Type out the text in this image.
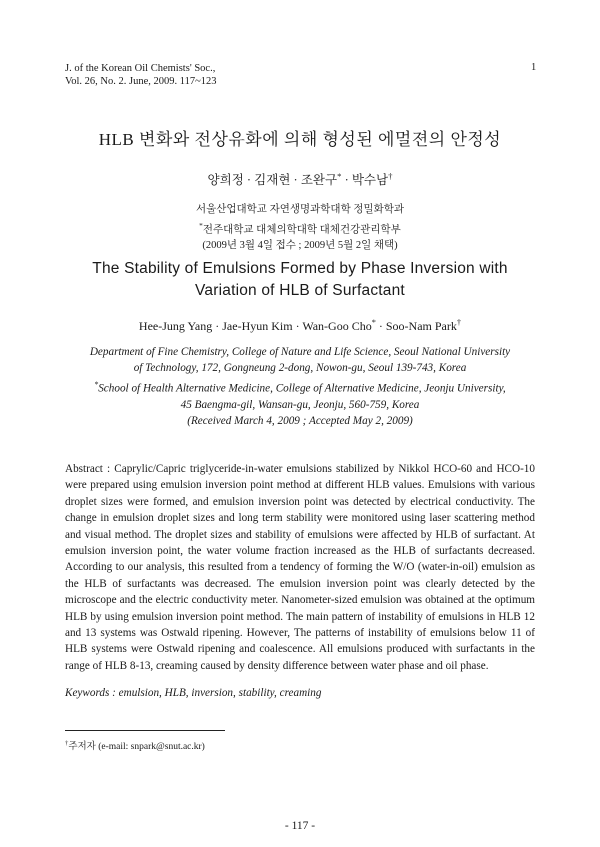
J. of the Korean Oil Chemists' Soc.,
Vol. 26, No. 2. June, 2009. 117~123
1
HLB 변화와 전상유화에 의해 형성된 에멀젼의 안정성
양희정 · 김재현 · 조완구* · 박수남†
서울산업대학교 자연생명과학대학 정밀화학과
*전주대학교 대체의학대학 대체건강관리학부
(2009년 3월 4일 접수 ; 2009년 5월 2일 채택)
The Stability of Emulsions Formed by Phase Inversion with
Variation of HLB of Surfactant
Hee-Jung Yang · Jae-Hyun Kim · Wan-Goo Cho* · Soo-Nam Park†
Department of Fine Chemistry, College of Nature and Life Science, Seoul National University
of Technology, 172, Gongneung 2-dong, Nowon-gu, Seoul 139-743, Korea
*School of Health Alternative Medicine, College of Alternative Medicine, Jeonju University,
45 Baengma-gil, Wansan-gu, Jeonju, 560-759, Korea
(Received March 4, 2009 ; Accepted May 2, 2009)
Abstract : Caprylic/Capric triglyceride-in-water emulsions stabilized by Nikkol HCO-60 and HCO-10 were prepared using emulsion inversion point method at different HLB values. Emulsions with various droplet sizes were formed, and emulsion inversion point was detected by electrical conductivity. The change in emulsion droplet sizes and long term stability were monitored using laser scattering method and visual method. The droplet sizes and stability of emulsions were affected by HLB of surfactant. At emulsion inversion point, the water volume fraction increased as the HLB of surfactants decreased. According to our analysis, this resulted from a tendency of forming the W/O (water-in-oil) emulsion as the HLB of surfactants was decreased. The emulsion inversion point was clearly detected by the microscope and the electric conductivity meter. Nanometer-sized emulsion was obtained at the optimum HLB by using emulsion inversion point method. The main pattern of instability of emulsions in HLB 12 and 13 systems was Ostwald ripening. However, The patterns of instability of emulsions below 11 of HLB systems were Ostwald ripening and coalescence. All emulsions produced with surfactants in the range of HLB 8-13, creaming caused by density difference between water phase and oil phase.
Keywords : emulsion, HLB, inversion, stability, creaming
†주저자 (e-mail: snpark@snut.ac.kr)
- 117 -
